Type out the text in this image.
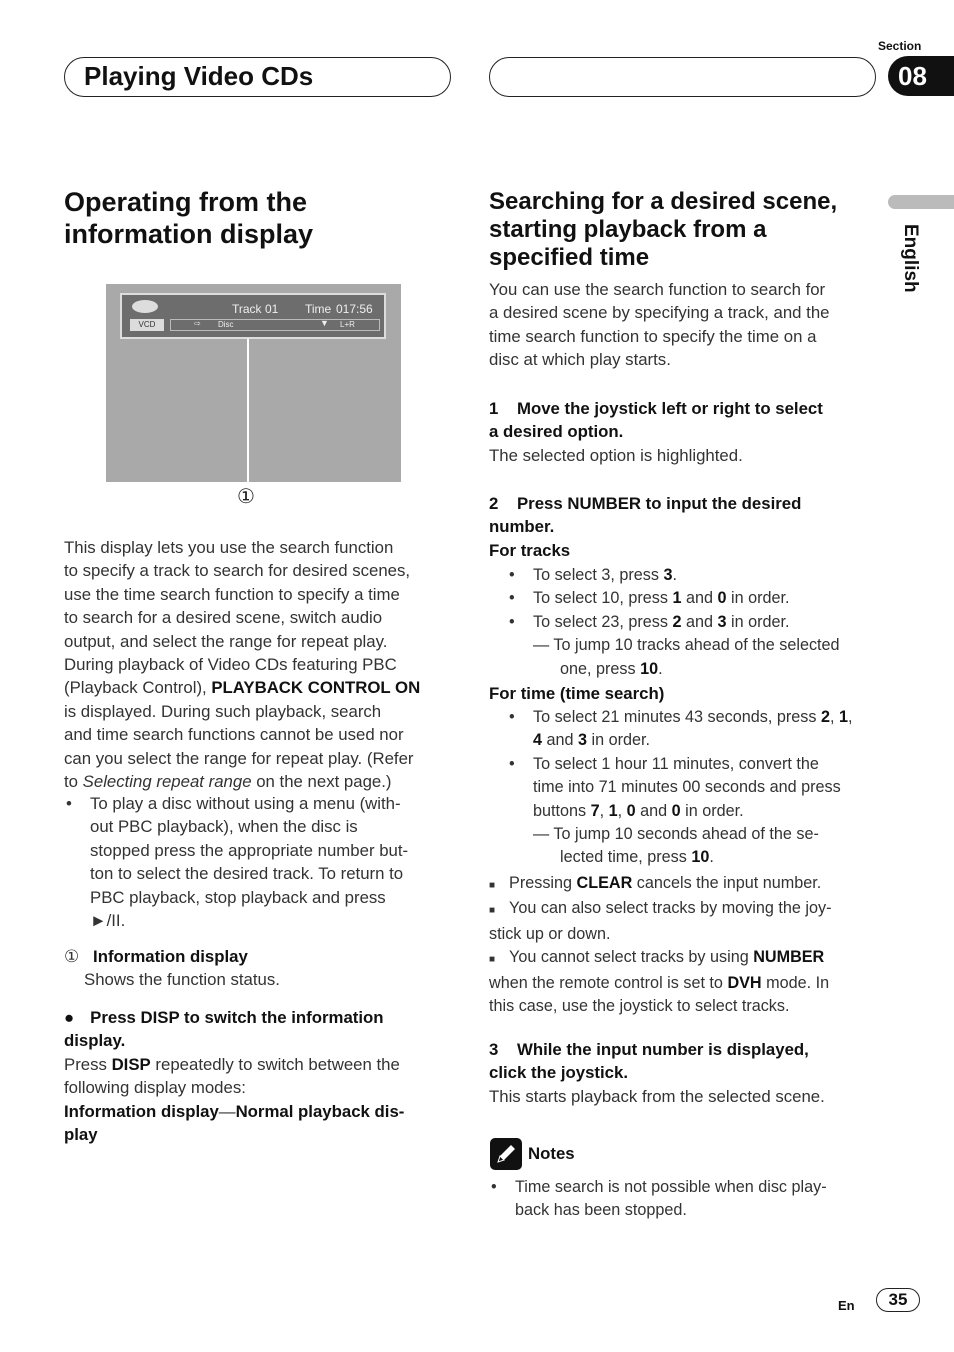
Playing Video CDs
Section
08
English
Operating from the
information display
VCD
Track 01 Time 017:56
⇨ Disc	▼ L+R
①
This display lets you use the search function
to specify a track to search for desired scenes,
use the time search function to specify a time
to search for a desired scene, switch audio
output, and select the range for repeat play.
During playback of Video CDs featuring PBC
(Playback Control), PLAYBACK CONTROL ON
is displayed. During such playback, search
and time search functions cannot be used nor
can you select the range for repeat play. (Refer
to Selecting repeat range on the next page.)
• To play a disc without using a menu (with-
out PBC playback), when the disc is
stopped press the appropriate number but-
ton to select the desired track. To return to
PBC playback, stop playback and press
►/II.
① Information display
Shows the function status.
● Press DISP to switch the information
display.
Press DISP repeatedly to switch between the
following display modes:
Information display—Normal playback dis-
play
Searching for a desired scene,
starting playback from a
specified time
You can use the search function to search for
a desired scene by specifying a track, and the
time search function to specify the time on a
disc at which play starts.
1    Move the joystick left or right to select
a desired option.
The selected option is highlighted.
2    Press NUMBER to input the desired
number.
For tracks
• To select 3, press 3.
• To select 10, press 1 and 0 in order.
• To select 23, press 2 and 3 in order.
— To jump 10 tracks ahead of the selected
one, press 10.
For time (time search)
• To select 21 minutes 43 seconds, press 2, 1,
4 and 3 in order.
• To select 1 hour 11 minutes, convert the
time into 71 minutes 00 seconds and press
buttons 7, 1, 0 and 0 in order.
— To jump 10 seconds ahead of the se-
lected time, press 10.
■ Pressing CLEAR cancels the input number.
■ You can also select tracks by moving the joy-
stick up or down.
■ You cannot select tracks by using NUMBER
when the remote control is set to DVH mode. In
this case, use the joystick to select tracks.
3    While the input number is displayed,
click the joystick.
This starts playback from the selected scene.
Notes
• Time search is not possible when disc play-
back has been stopped.
En	35
